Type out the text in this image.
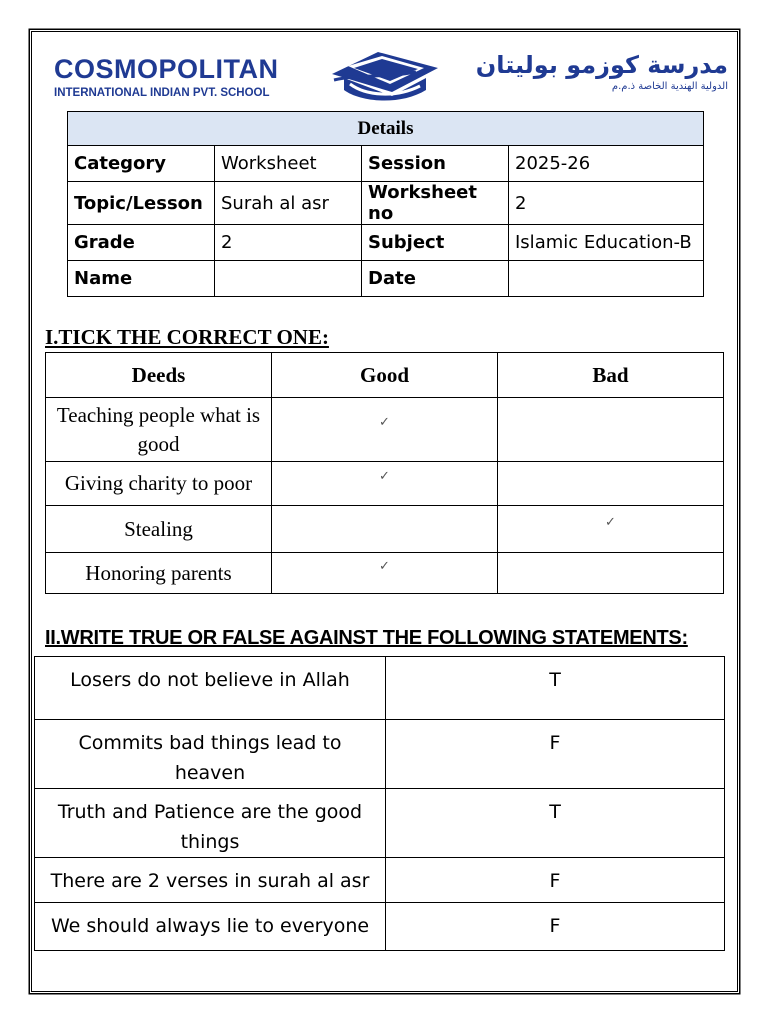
COSMOPOLITAN
INTERNATIONAL INDIAN PVT. SCHOOL
مدرسة كوزمو بوليتان
الدولية الهندية الخاصة ذ.م.م
Details			
Category	Worksheet	Session	2025-26
Topic/Lesson	Surah al asr	Worksheet no	2
Grade	2	Subject	Islamic Education-B
Name		Date	
I.TICK THE CORRECT ONE:
Deeds	Good	Bad
Teaching people what is good	✓	
Giving charity to poor	✓	
Stealing		✓
Honoring parents	✓	
II.WRITE TRUE OR FALSE AGAINST THE FOLLOWING STATEMENTS:
Losers do not believe in Allah	T
Commits bad things lead to heaven	F
Truth and Patience are the good things	T
There are 2 verses in surah al asr	F
We should always lie to everyone	F
